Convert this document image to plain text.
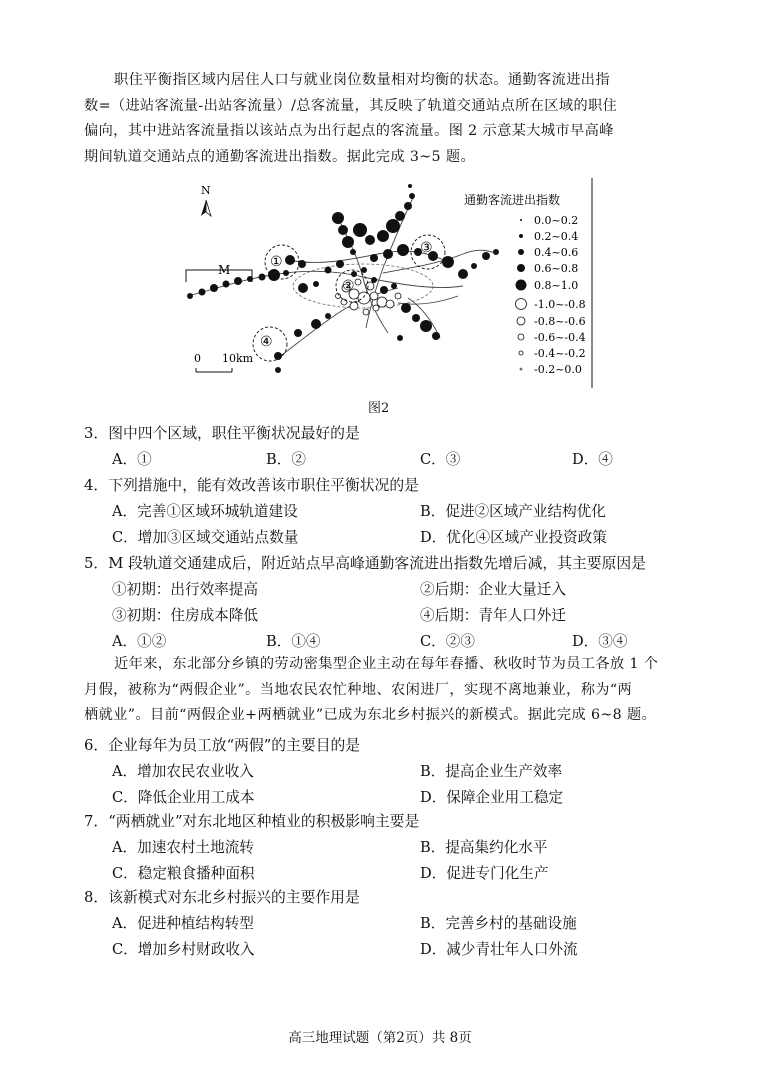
职住平衡指区域内居住人口与就业岗位数量相对均衡的状态。通勤客流进出指
数=（进站客流量-出站客流量）/总客流量，其反映了轨道交通站点所在区域的职住
偏向，其中进站客流量指以该站点为出行起点的客流量。图 2 示意某大城市早高峰
期间轨道交通站点的通勤客流进出指数。据此完成 3~5 题。
N
M	①
②
③
④
0 10km
通勤客流进出指数
0.0~0.2
0.2~0.4
0.4~0.6
0.6~0.8
0.8~1.0
-1.0~-0.8
-0.8~-0.6
-0.6~-0.4
-0.4~-0.2
-0.2~0.0
图2
3．图中四个区域，职住平衡状况最好的是
A．①	B．②	C．③	D．④
4．下列措施中，能有效改善该市职住平衡状况的是
A．完善①区域环城轨道建设	B．促进②区域产业结构优化
C．增加③区域交通站点数量	D．优化④区域产业投资政策
5．M 段轨道交通建成后，附近站点早高峰通勤客流进出指数先增后减，其主要原因是
①初期：出行效率提高	②后期：企业大量迁入
③初期：住房成本降低	④后期：青年人口外迁
A．①②	B．①④	C．②③	D．③④
近年来，东北部分乡镇的劳动密集型企业主动在每年春播、秋收时节为员工各放 1 个
月假，被称为“两假企业”。当地农民农忙种地、农闲进厂，实现不离地兼业，称为“两
栖就业”。目前“两假企业+两栖就业”已成为东北乡村振兴的新模式。据此完成 6~8 题。
6．企业每年为员工放“两假”的主要目的是
A．增加农民农业收入	B．提高企业生产效率
C．降低企业用工成本	D．保障企业用工稳定
7．“两栖就业”对东北地区种植业的积极影响主要是
A．加速农村土地流转	B．提高集约化水平
C．稳定粮食播种面积	D．促进专门化生产
8．该新模式对东北乡村振兴的主要作用是
A．促进种植结构转型	B．完善乡村的基础设施
C．增加乡村财政收入	D．减少青壮年人口外流
高三地理试题（第2页）共 8页
